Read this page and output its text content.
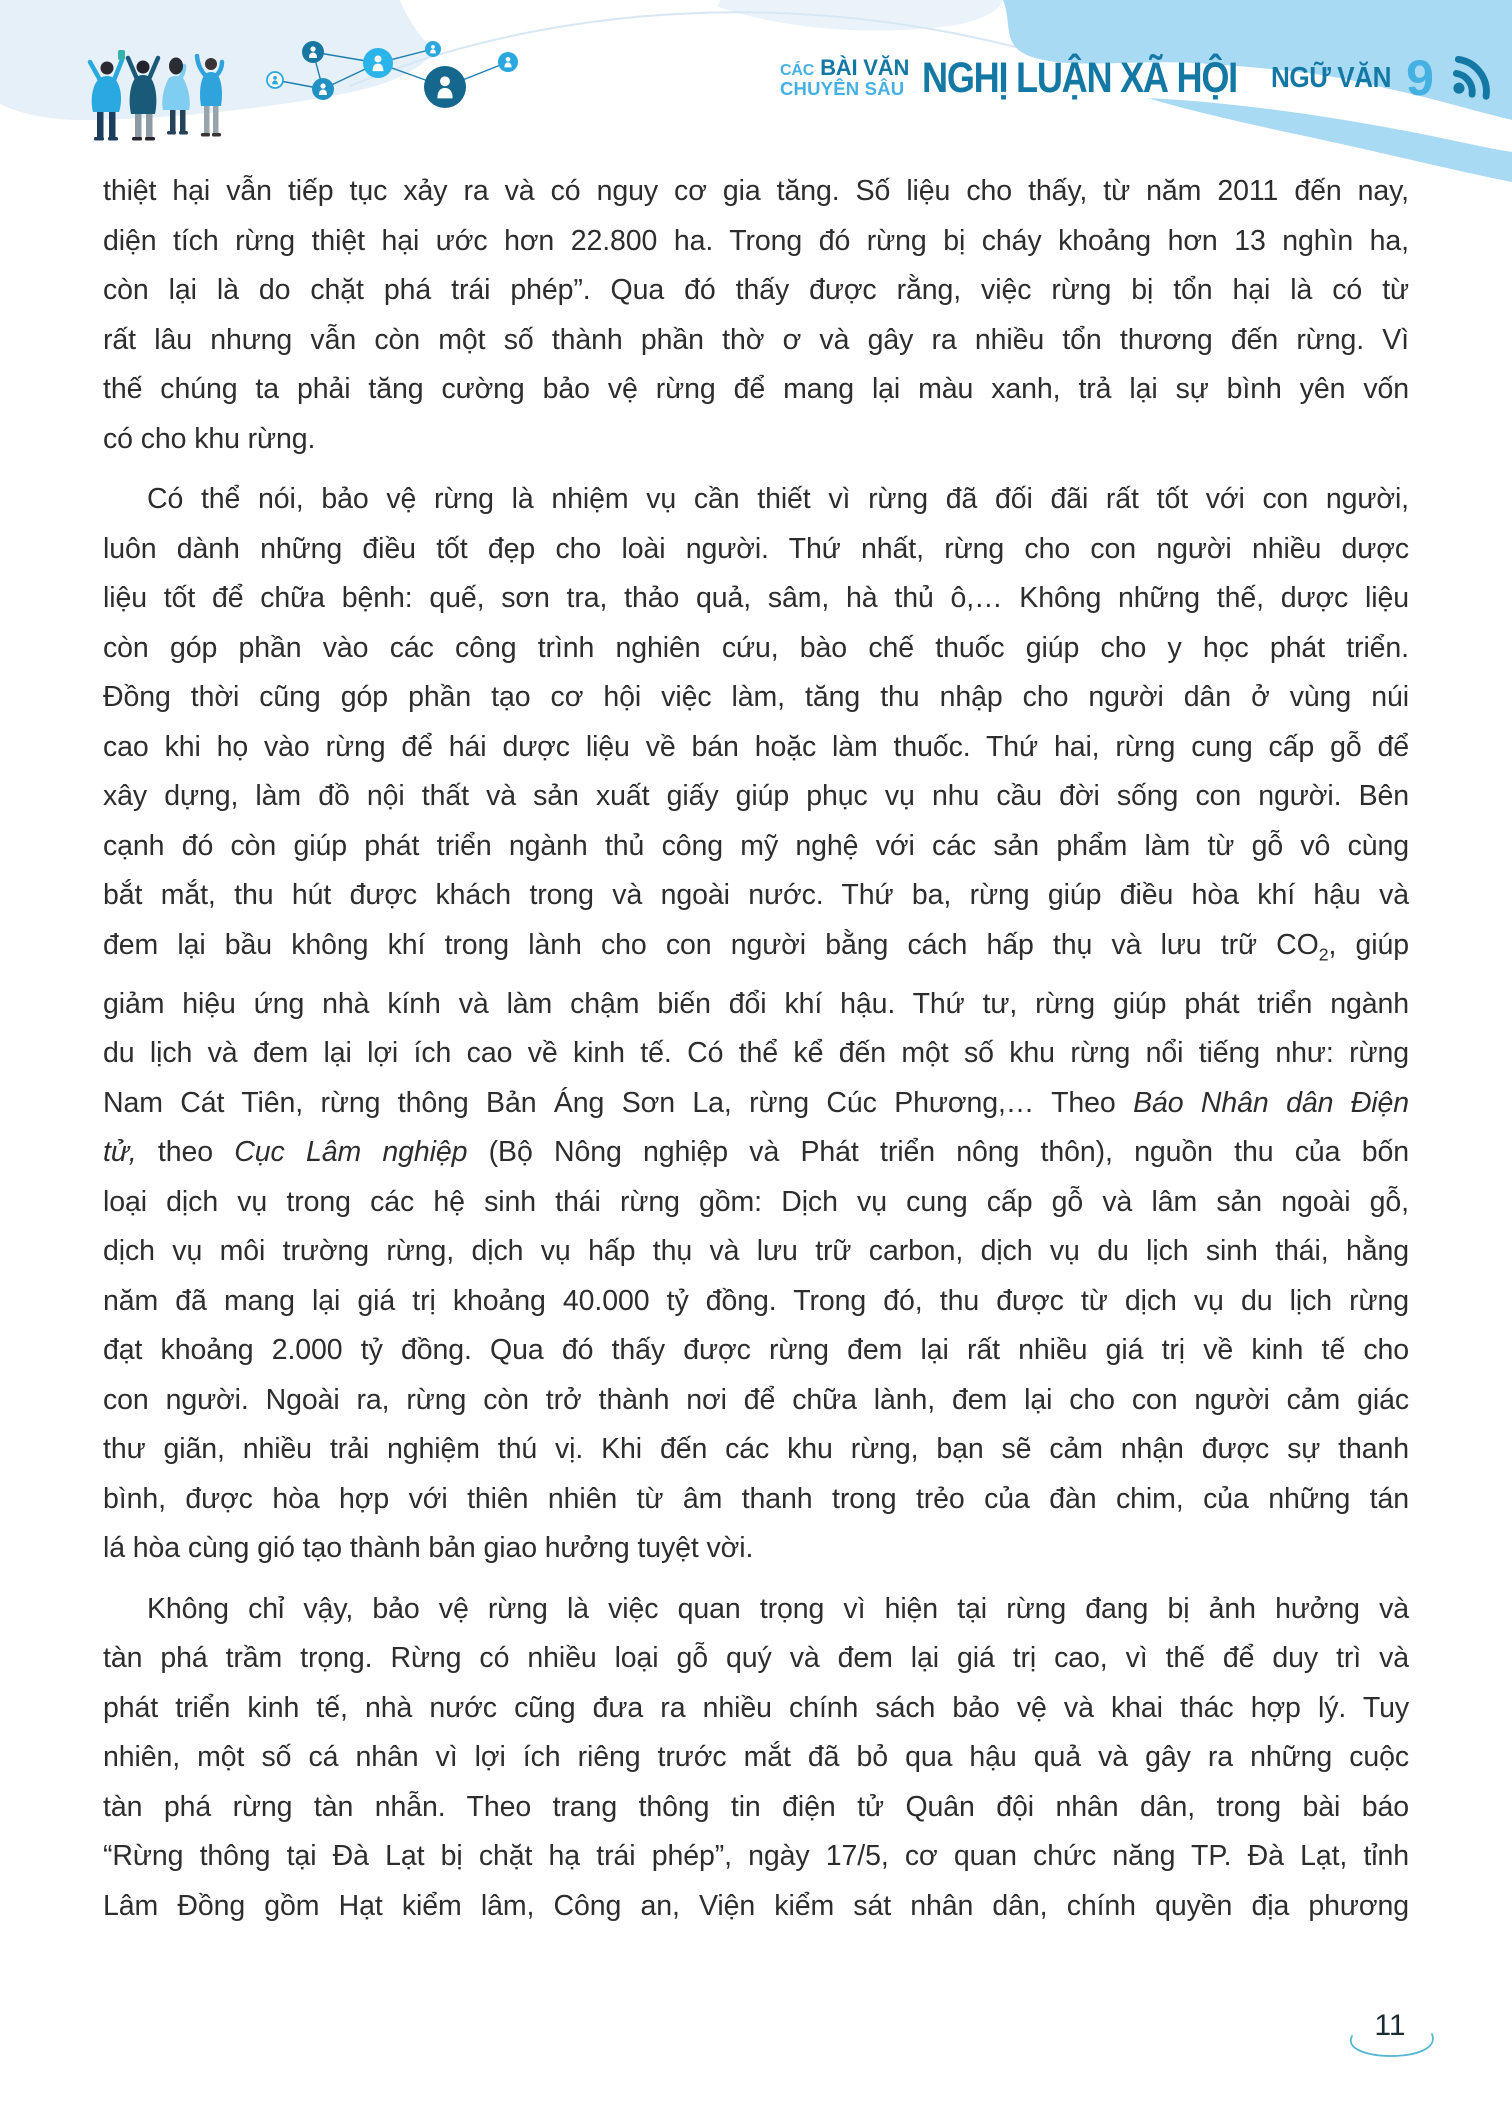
CÁC BÀI VĂN
CHUYÊN SÂU NGHỊ LUẬN XÃ HỘI	NGỮ VĂN 9
thiệt hại vẫn tiếp tục xảy ra và có nguy cơ gia tăng. Số liệu cho thấy, từ năm 2011 đến nay,
diện tích rừng thiệt hại ước hơn 22.800 ha. Trong đó rừng bị cháy khoảng hơn 13 nghìn ha,
còn lại là do chặt phá trái phép”. Qua đó thấy được rằng, việc rừng bị tổn hại là có từ
rất lâu nhưng vẫn còn một số thành phần thờ ơ và gây ra nhiều tổn thương đến rừng. Vì
thế chúng ta phải tăng cường bảo vệ rừng để mang lại màu xanh, trả lại sự bình yên vốn
có cho khu rừng.
Có thể nói, bảo vệ rừng là nhiệm vụ cần thiết vì rừng đã đối đãi rất tốt với con người,
luôn dành những điều tốt đẹp cho loài người. Thứ nhất, rừng cho con người nhiều dược
liệu tốt để chữa bệnh: quế, sơn tra, thảo quả, sâm, hà thủ ô,… Không những thế, dược liệu
còn góp phần vào các công trình nghiên cứu, bào chế thuốc giúp cho y học phát triển.
Đồng thời cũng góp phần tạo cơ hội việc làm, tăng thu nhập cho người dân ở vùng núi
cao khi họ vào rừng để hái dược liệu về bán hoặc làm thuốc. Thứ hai, rừng cung cấp gỗ để
xây dựng, làm đồ nội thất và sản xuất giấy giúp phục vụ nhu cầu đời sống con người. Bên
cạnh đó còn giúp phát triển ngành thủ công mỹ nghệ với các sản phẩm làm từ gỗ vô cùng
bắt mắt, thu hút được khách trong và ngoài nước. Thứ ba, rừng giúp điều hòa khí hậu và
đem lại bầu không khí trong lành cho con người bằng cách hấp thụ và lưu trữ $CO_2$, giúp
giảm hiệu ứng nhà kính và làm chậm biến đổi khí hậu. Thứ tư, rừng giúp phát triển ngành
du lịch và đem lại lợi ích cao về kinh tế. Có thể kể đến một số khu rừng nổi tiếng như: rừng
Nam Cát Tiên, rừng thông Bản Áng Sơn La, rừng Cúc Phương,… Theo Báo Nhân dân Điện
tử, theo Cục Lâm nghiệp (Bộ Nông nghiệp và Phát triển nông thôn), nguồn thu của bốn
loại dịch vụ trong các hệ sinh thái rừng gồm: Dịch vụ cung cấp gỗ và lâm sản ngoài gỗ,
dịch vụ môi trường rừng, dịch vụ hấp thụ và lưu trữ carbon, dịch vụ du lịch sinh thái, hằng
năm đã mang lại giá trị khoảng 40.000 tỷ đồng. Trong đó, thu được từ dịch vụ du lịch rừng
đạt khoảng 2.000 tỷ đồng. Qua đó thấy được rừng đem lại rất nhiều giá trị về kinh tế cho
con người. Ngoài ra, rừng còn trở thành nơi để chữa lành, đem lại cho con người cảm giác
thư giãn, nhiều trải nghiệm thú vị. Khi đến các khu rừng, bạn sẽ cảm nhận được sự thanh
bình, được hòa hợp với thiên nhiên từ âm thanh trong trẻo của đàn chim, của những tán
lá hòa cùng gió tạo thành bản giao hưởng tuyệt vời.
Không chỉ vậy, bảo vệ rừng là việc quan trọng vì hiện tại rừng đang bị ảnh hưởng và
tàn phá trầm trọng. Rừng có nhiều loại gỗ quý và đem lại giá trị cao, vì thế để duy trì và
phát triển kinh tế, nhà nước cũng đưa ra nhiều chính sách bảo vệ và khai thác hợp lý. Tuy
nhiên, một số cá nhân vì lợi ích riêng trước mắt đã bỏ qua hậu quả và gây ra những cuộc
tàn phá rừng tàn nhẫn. Theo trang thông tin điện tử Quân đội nhân dân, trong bài báo
“Rừng thông tại Đà Lạt bị chặt hạ trái phép”, ngày 17/5, cơ quan chức năng TP. Đà Lạt, tỉnh
Lâm Đồng gồm Hạt kiểm lâm, Công an, Viện kiểm sát nhân dân, chính quyền địa phương
11
